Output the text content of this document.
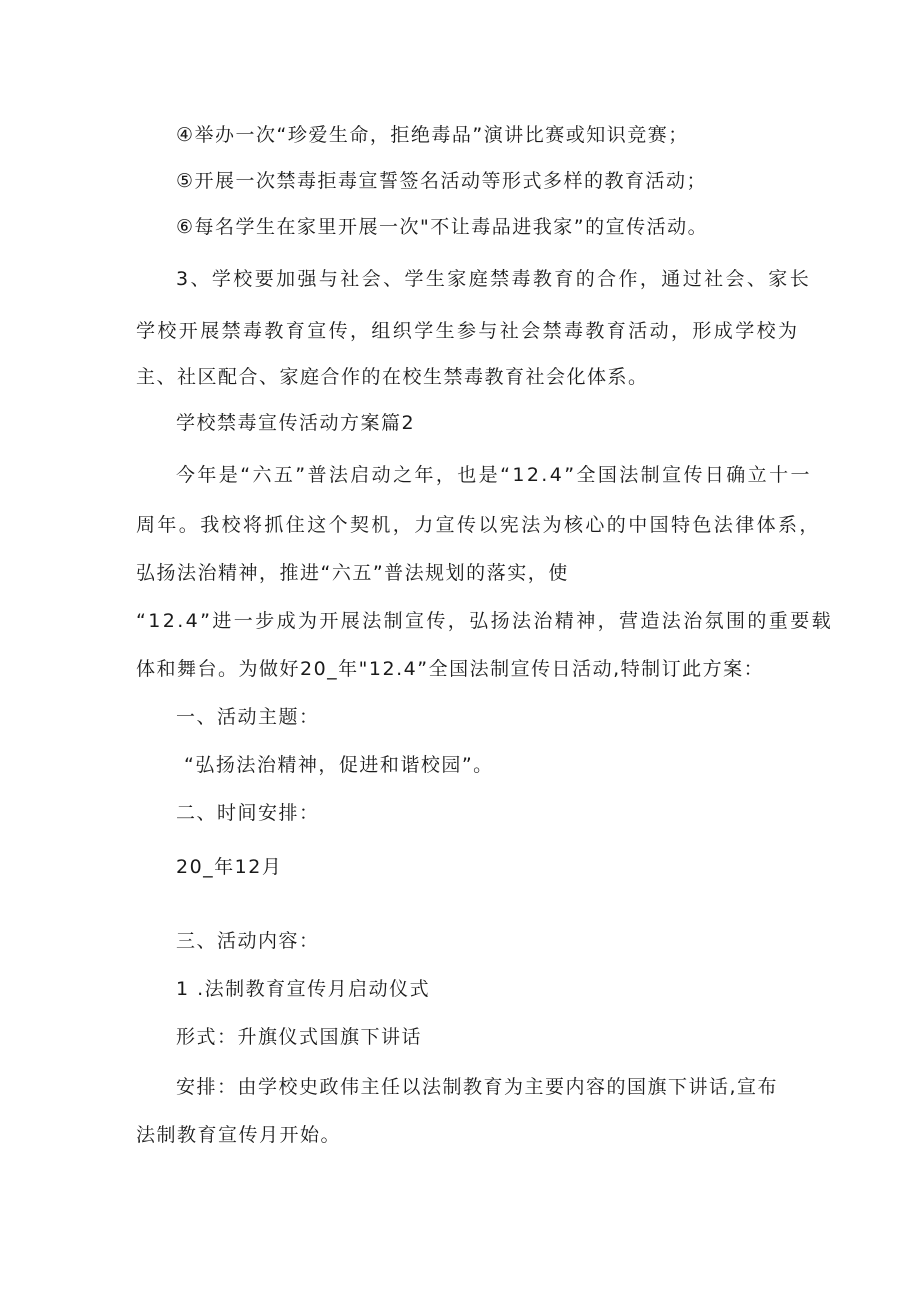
④举办一次“珍爱生命，拒绝毒品”演讲比赛或知识竞赛；
⑤开展一次禁毒拒毒宣誓签名活动等形式多样的教育活动；
⑥每名学生在家里开展一次"不让毒品进我家”的宣传活动。
3、学校要加强与社会、学生家庭禁毒教育的合作，通过社会、家长
学校开展禁毒教育宣传，组织学生参与社会禁毒教育活动，形成学校为
主、社区配合、家庭合作的在校生禁毒教育社会化体系。
学校禁毒宣传活动方案篇2
今年是“六五”普法启动之年，也是“12.4”全国法制宣传日确立十一
周年。我校将抓住这个契机，力宣传以宪法为核心的中国特色法律体系，
弘扬法治精神，推进“六五”普法规划的落实，使
“12.4”进一步成为开展法制宣传，弘扬法治精神，营造法治氛围的重要载
体和舞台。为做好20_年"12.4”全国法制宣传日活动,特制订此方案：
一、活动主题：
“弘扬法治精神，促进和谐校园”。
二、时间安排：
20_年12月
三、活动内容：
1 .法制教育宣传月启动仪式
形式：升旗仪式国旗下讲话
安排：由学校史政伟主任以法制教育为主要内容的国旗下讲话,宣布
法制教育宣传月开始。
